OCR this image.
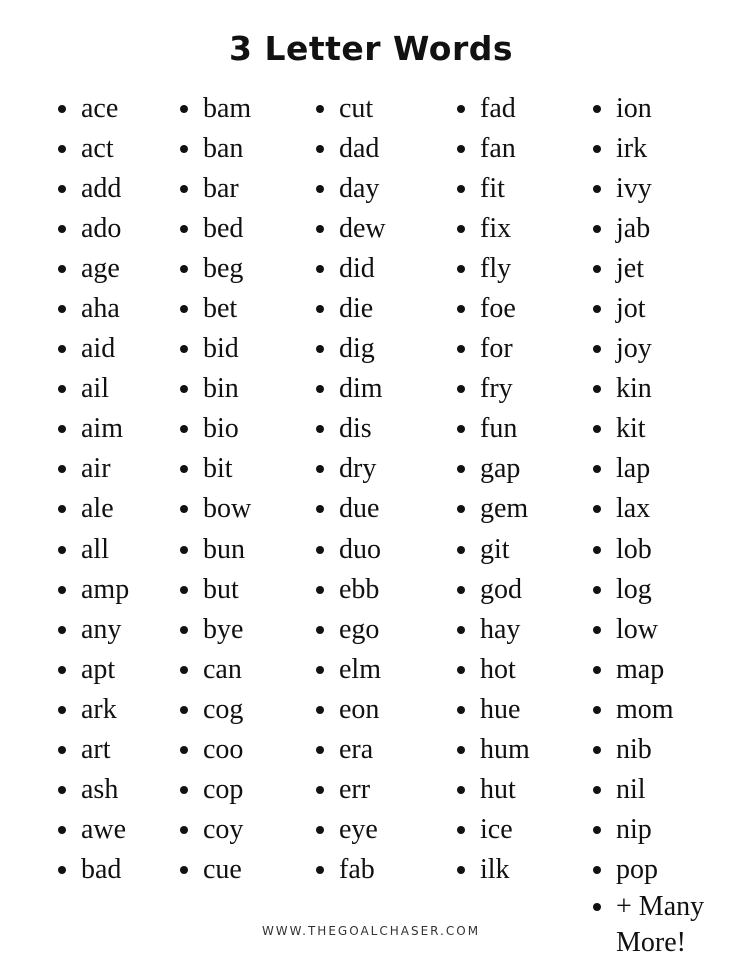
3 Letter Words
ace
act
add
ado
age
aha
aid
ail
aim
air
ale
all
amp
any
apt
ark
art
ash
awe
bad
bam
ban
bar
bed
beg
bet
bid
bin
bio
bit
bow
bun
but
bye
can
cog
coo
cop
coy
cue
cut
dad
day
dew
did
die
dig
dim
dis
dry
due
duo
ebb
ego
elm
eon
era
err
eye
fab
fad
fan
fit
fix
fly
foe
for
fry
fun
gap
gem
git
god
hay
hot
hue
hum
hut
ice
ilk
ion
irk
ivy
jab
jet
jot
joy
kin
kit
lap
lax
lob
log
low
map
mom
nib
nil
nip
pop
+ Many More!
WWW.THEGOALCHASER.COM
